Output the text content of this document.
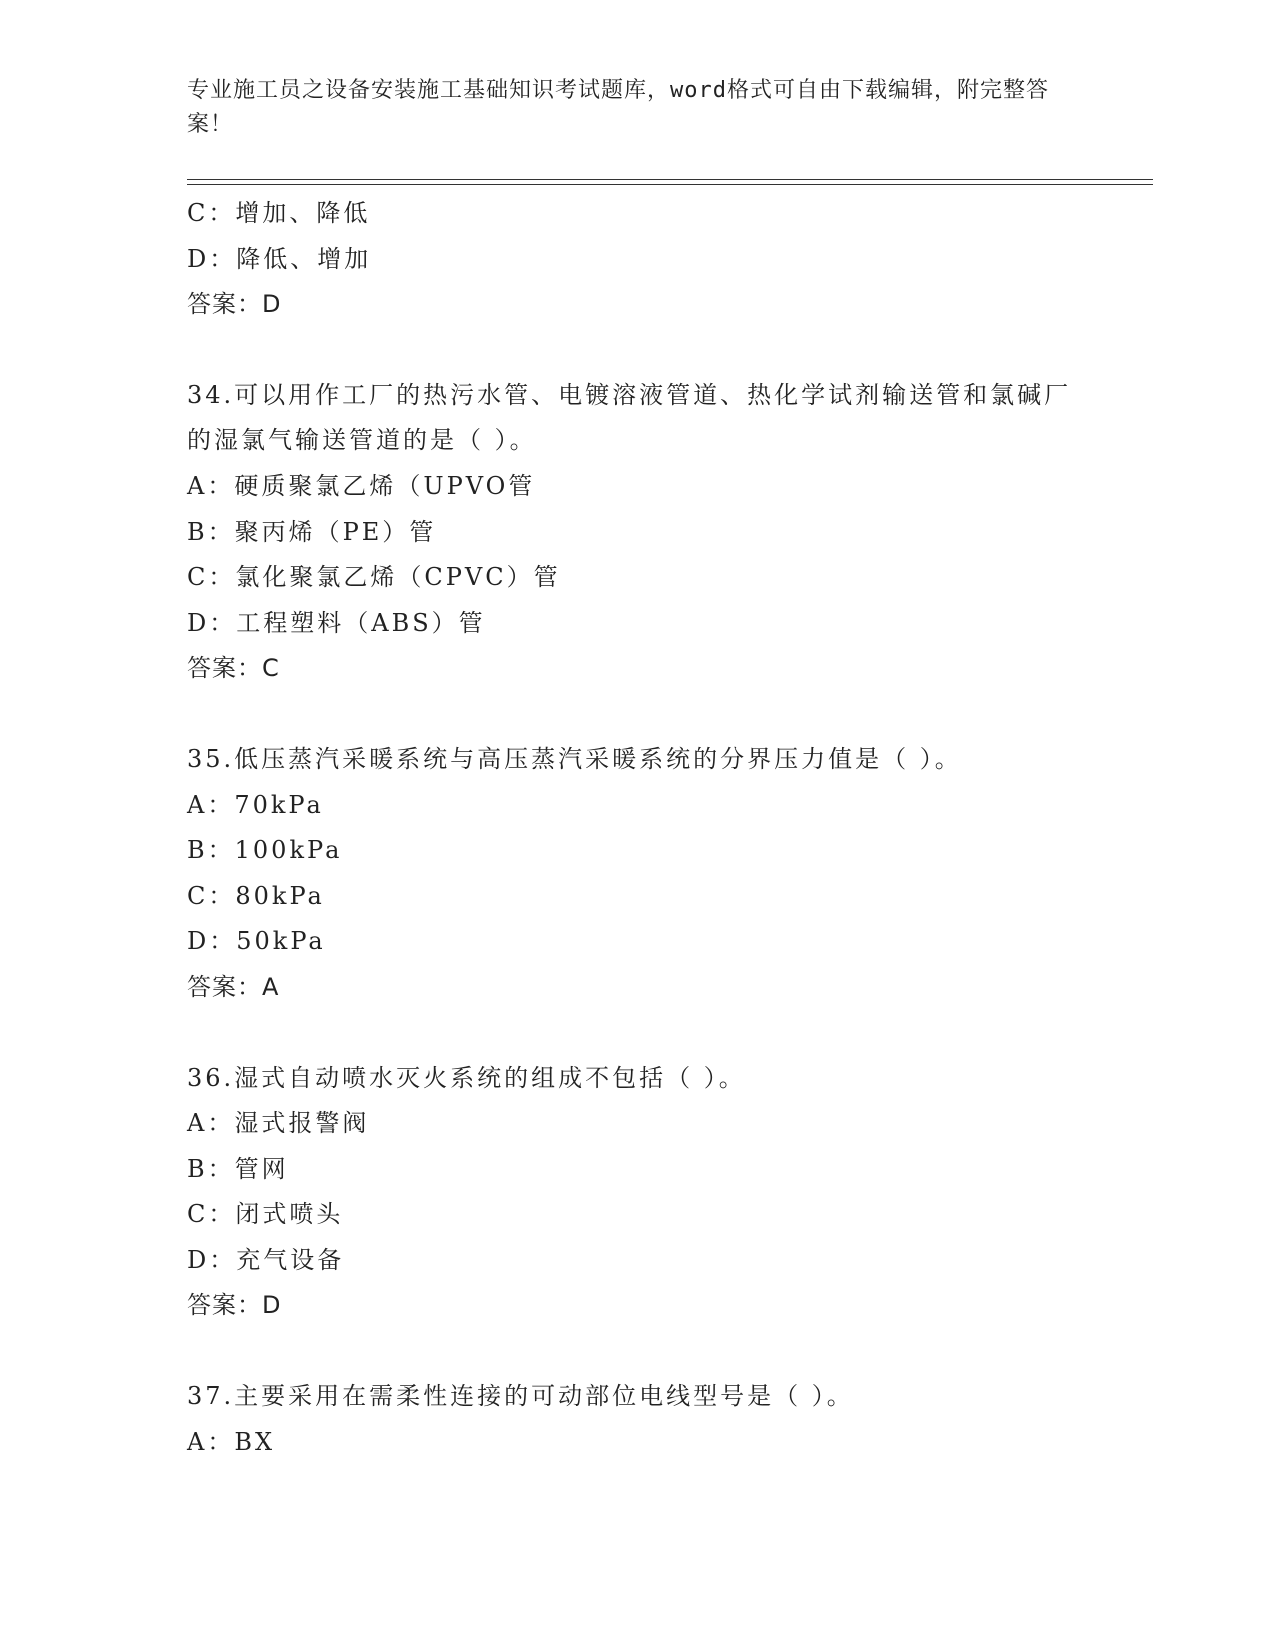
专业施工员之设备安装施工基础知识考试题库，word格式可自由下载编辑，附完整答案！
C：增加、降低
D：降低、增加
答案：D
34.可以用作工厂的热污水管、电镀溶液管道、热化学试剂输送管和氯碱厂的湿氯气输送管道的是（ ）。
A：硬质聚氯乙烯（UPVO管
B：聚丙烯（PE）管
C：氯化聚氯乙烯（CPVC）管
D：工程塑料（ABS）管
答案：C
35.低压蒸汽采暖系统与高压蒸汽采暖系统的分界压力值是（ ）。
A：70kPa
B：100kPa
C：80kPa
D：50kPa
答案：A
36.湿式自动喷水灭火系统的组成不包括（ ）。
A：湿式报警阀
B：管网
C：闭式喷头
D：充气设备
答案：D
37.主要采用在需柔性连接的可动部位电线型号是（ ）。
A：BX
